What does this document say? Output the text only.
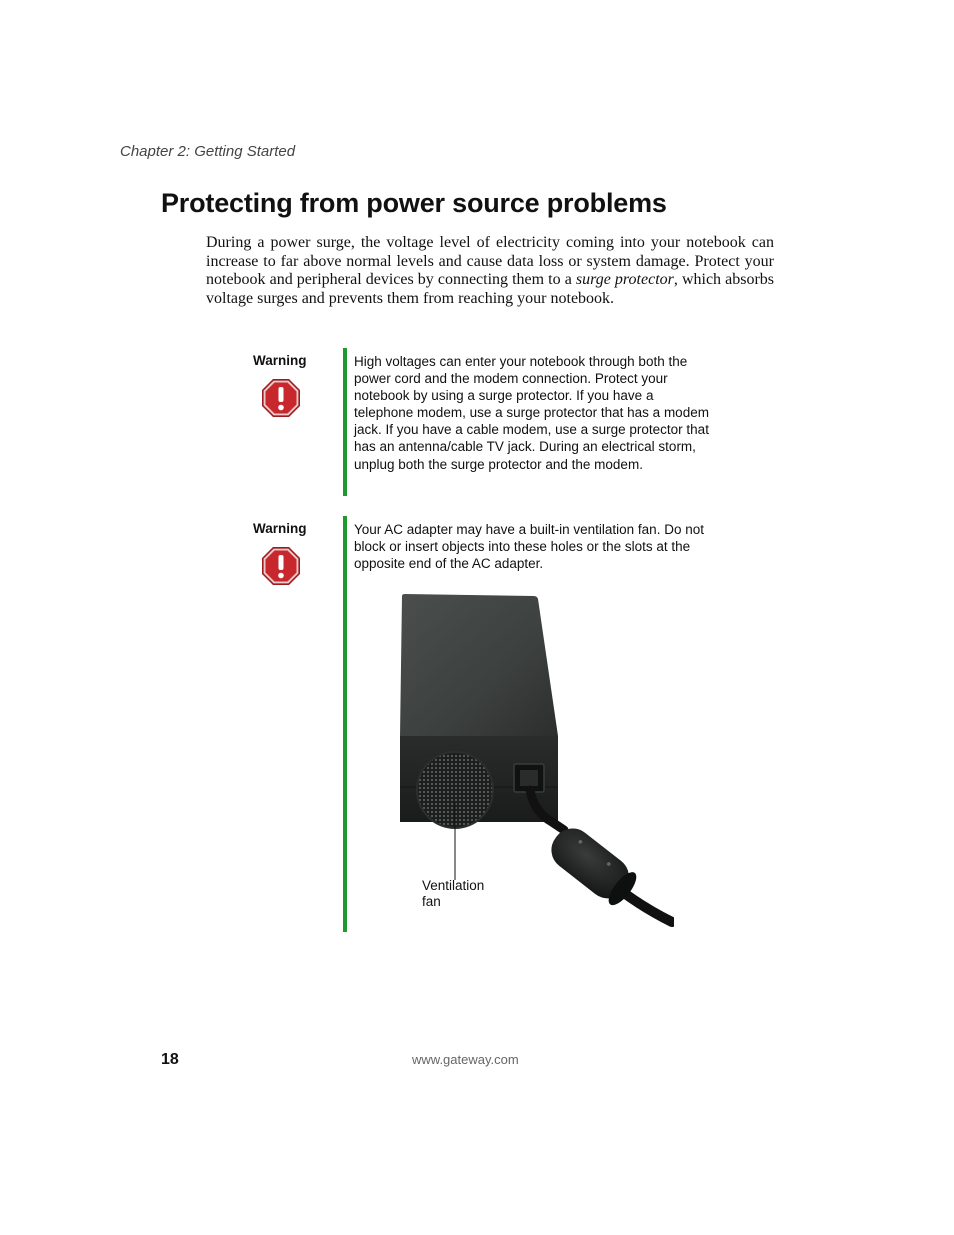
Chapter 2: Getting Started
Protecting from power source problems

During a power surge, the voltage level of electricity coming into your notebook can increase to far above normal levels and cause data loss or system damage. Protect your notebook and peripheral devices by connecting them to a surge protector, which absorbs voltage surges and prevents them from reaching your notebook.

Warning	High voltages can enter your notebook through both the power cord and the modem connection. Protect your notebook by using a surge protector. If you have a telephone modem, use a surge protector that has a modem jack. If you have a cable modem, use a surge protector that has an antenna/cable TV jack. During an electrical storm, unplug both the surge protector and the modem.

Warning	Your AC adapter may have a built-in ventilation fan. Do not block or insert objects into these holes or the slots at the opposite end of the AC adapter.

Ventilation
fan
18	www.gateway.com
